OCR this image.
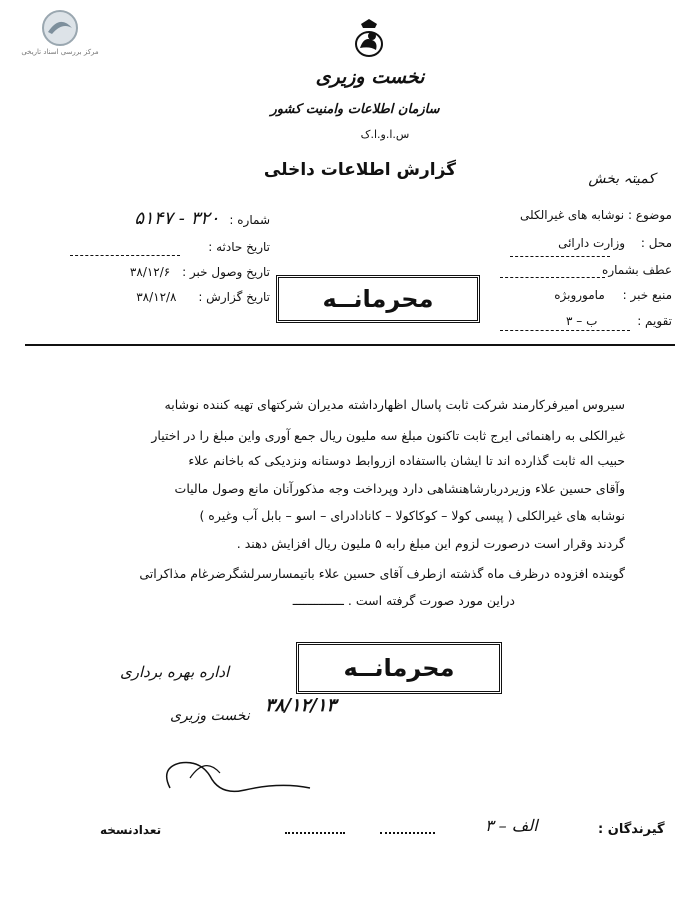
مرکز بررسی اسناد تاریخی
نخست وزیری
سازمان اطلاعات وامنیت کشور
س.ا.و.ا.ک
گزارش اطلاعات داخلی	کمیتہ بخش
موضوع : نوشابه های غیرالکلی
محل : وزارت دارائی
عطف بشماره
منبع خبر : ماموروبژه
تقویم : ب – ۳
شماره : ۳۲۰ - ۵۱۴۷
تاریخ حادثه :
تاریخ وصول خبر : ۳۸/۱۲/۶
تاریخ گزارش : ۳۸/۱۲/۸	محرمانــه
سیروس امیرفرکارمند شرکت ثابت پاسال اظهارداشته مدیران شرکتهای تهیه کننده نوشابه
غیرالکلی به راهنمائی ایرج ثابت تاکنون مبلغ سه ملیون ریال جمع آوری واین مبلغ را در اختیار
حبیب اله ثابت گذارده اند تا ایشان بااستفاده ازروابط دوستانه ونزدیکی که باخانم علاء
وآقای حسین علاء وزیردربارشاهنشاهی دارد وپرداخت وجه مذکورآنان مانع وصول مالیات
نوشابه های غیرالکلی ( پپسی کولا – کوکاکولا – کانادادرای – اسو – بابل آب وغیره )
گردند وقرار است درصورت لزوم این مبلغ رابه ۵ ملیون ریال افزایش دهند .
گوینده افزوده درظرف ماه گذشته ازطرف آقای حسین علاء باتیمسارسرلشگرضرغام مذاکراتی
دراین مورد صورت گرفته است . ــــــــــــــ
محرمانــه
اداره بهره برداری
نخست وزیری ۳۸/۱۲/۱۳
تعدادنسخه	الف – ۳	گیرندگان :
